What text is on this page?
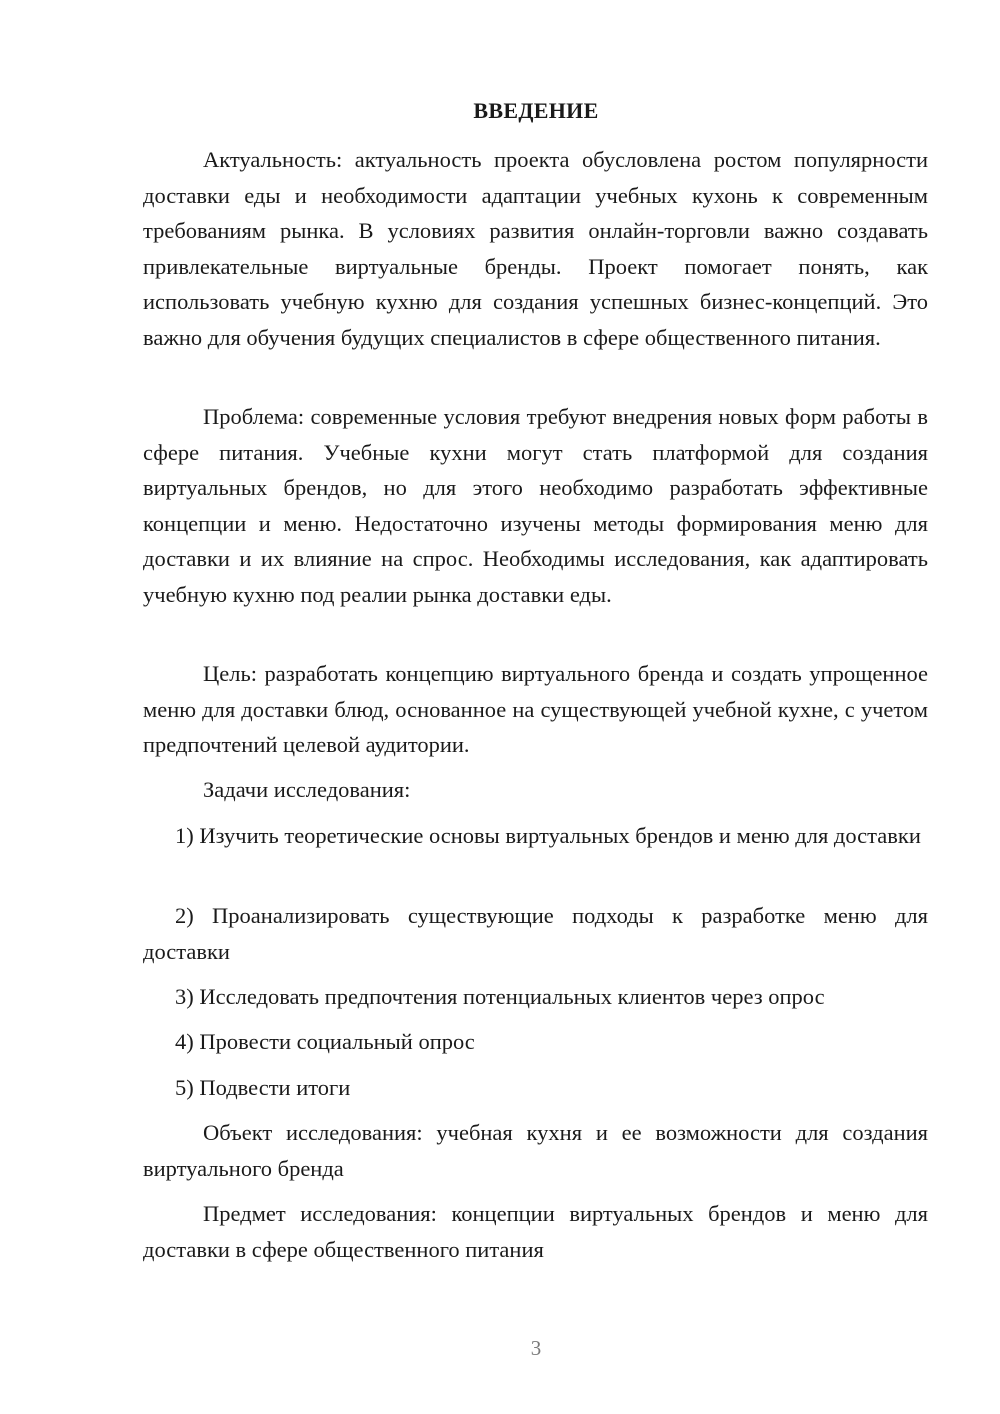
ВВЕДЕНИЕ

Актуальность: актуальность проекта обусловлена ростом популярности доставки еды и необходимости адаптации учебных кухонь к современным требованиям рынка. В условиях развития онлайн-торговли важно создавать привлекательные виртуальные бренды. Проект помогает понять, как использовать учебную кухню для создания успешных бизнес-концепций. Это важно для обучения будущих специалистов в сфере общественного питания.

Проблема: современные условия требуют внедрения новых форм работы в сфере питания. Учебные кухни могут стать платформой для создания виртуальных брендов, но для этого необходимо разработать эффективные концепции и меню. Недостаточно изучены методы формирования меню для доставки и их влияние на спрос. Необходимы исследования, как адаптировать учебную кухню под реалии рынка доставки еды.

Цель: разработать концепцию виртуального бренда и создать упрощенное меню для доставки блюд, основанное на существующей учебной кухне, с учетом предпочтений целевой аудитории.

Задачи исследования:

1) Изучить теоретические основы виртуальных брендов и меню для доставки

2) Проанализировать существующие подходы к разработке меню для доставки

3) Исследовать предпочтения потенциальных клиентов через опрос

4) Провести социальный опрос

5) Подвести итоги

Объект исследования: учебная кухня и ее возможности для создания виртуального бренда

Предмет исследования: концепции виртуальных брендов и меню для доставки в сфере общественного питания

3
